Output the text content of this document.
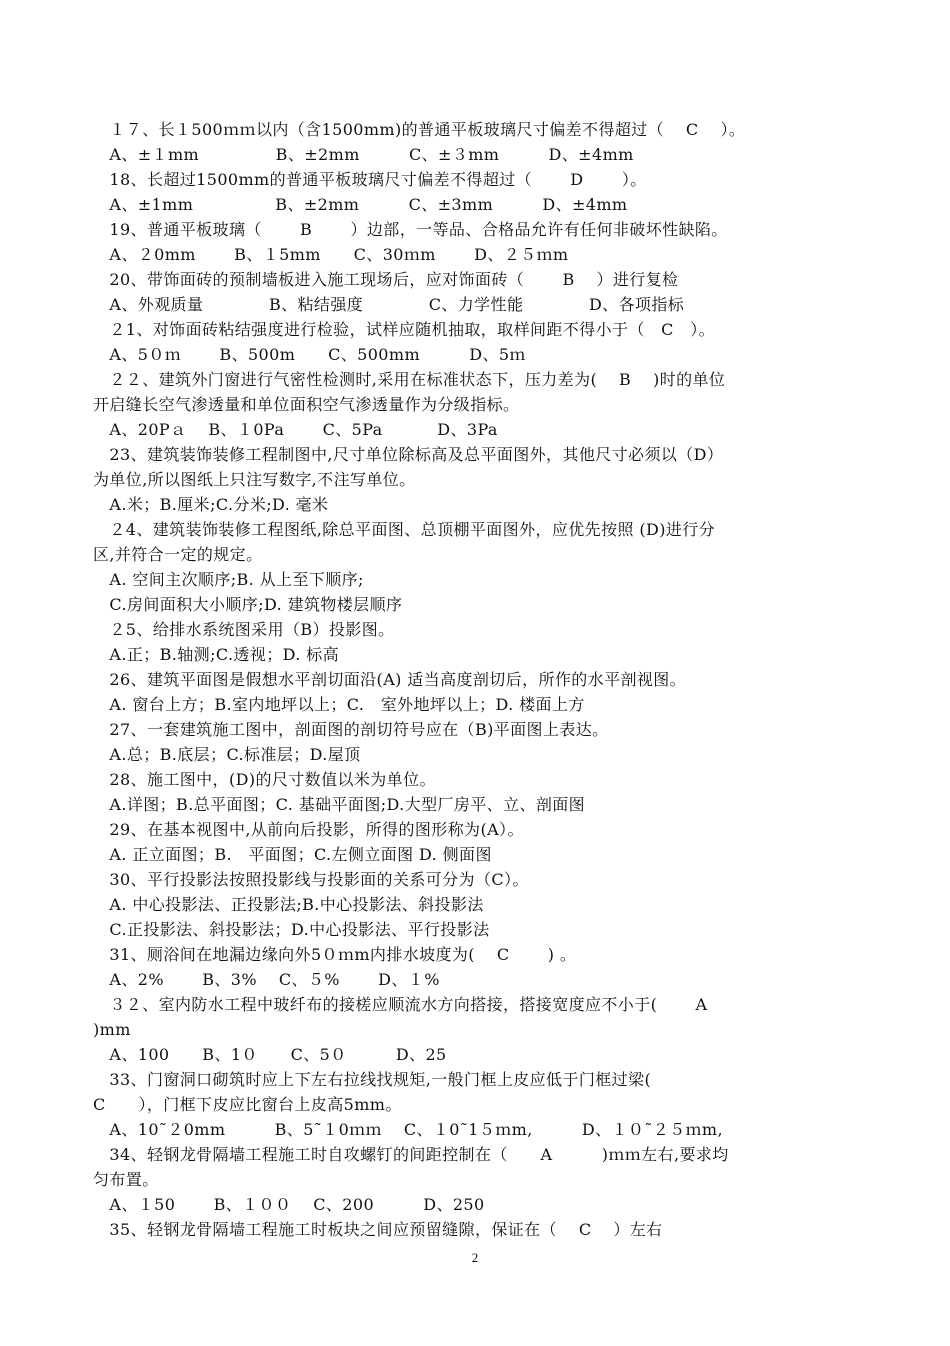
　１７、长１500ｍｍ以内（含1500mm)的普通平板玻璃尺寸偏差不得超过（　 C　 ）。
　A、±１mm 　　　　 B、±2mm　　　C、±３mm　　　D、±4mm
　18、长超过1500mm的普通平板玻璃尺寸偏差不得超过（　　 D　　 ）。
　A、±1mm　　　　　B、±2mm　　　C、±3mm　　　D、±4mm
　19、普通平板玻璃（　　 B　　 ）边部，一等品、合格品允许有任何非破坏性缺陷。
　A、２0mm　　 B、１5mm　　C、30ｍm　　 D、２５ｍm
　20、带饰面砖的预制墙板进入施工现场后，应对饰面砖（　　 B　 ）进行复检
　A、外观质量　　　　B、粘结强度　　　　C、力学性能　　　　D、各项指标
　２1、对饰面砖粘结强度进行检验，试样应随机抽取，取样间距不得小于（　C　）。
　A、5０ｍ　　 B、500m　　C、500mm　　　D、5ｍ
　２２、建筑外门窗进行气密性检测时,采用在标准状态下，压力差为(　 B　 )时的单位
开启缝长空气渗透量和单位面积空气渗透量作为分级指标。
　A、20Pａ　 B、１0Pa　　 C、5Pa　　　 D、3Pa
　23、建筑装饰装修工程制图中,尺寸单位除标高及总平面图外，其他尺寸必须以（D）
为单位,所以图纸上只注写数字,不注写单位。
　A.米；B.厘米;C.分米;D. 毫米
　２4、建筑装饰装修工程图纸,除总平面图、总顶棚平面图外，应优先按照 (D)进行分
区,并符合一定的规定。
　A. 空间主次顺序;B. 从上至下顺序;
　C.房间面积大小顺序;D. 建筑物楼层顺序
　２5、给排水系统图采用（B）投影图。
　A.正；B.轴测;C.透视；D. 标高
　26、建筑平面图是假想水平剖切面沿(A) 适当高度剖切后，所作的水平剖视图。
　A. 窗台上方；B.室内地坪以上；C.　室外地坪以上；D. 楼面上方
　27、一套建筑施工图中，剖面图的剖切符号应在（B)平面图上表达。
　A.总；B.底层；C.标准层；D.屋顶
　28、施工图中，(D)的尺寸数值以米为单位。
　A.详图；B.总平面图；C. 基础平面图;D.大型厂房平、立、剖面图
　29、在基本视图中,从前向后投影，所得的图形称为(A）。
　A. 正立面图；B.　平面图；C.左侧立面图 D. 侧面图
　30、平行投影法按照投影线与投影面的关系可分为（C）。
　A. 中心投影法、正投影法;B.中心投影法、斜投影法
　C.正投影法、斜投影法；D.中心投影法、平行投影法
　31、厕浴间在地漏边缘向外5０ｍm内排水坡度为(　 C　　 ) 。
　A、2%　　 B、3%　 C、５%　　 D、１%
　３２、室内防水工程中玻纤布的接槎应顺流水方向搭接，搭接宽度应不小于(　　 A
)mm
　A、100　　B、1０　　C、5０　　　D、25
　33、门窗洞口砌筑时应上下左右拉线找规矩,一般门框上皮应低于门框过梁(
C　　），门框下皮应比窗台上皮高5mm。
　A、10˜２0mm　　　B、5˜１0ｍｍ　 C、１0˜1５ｍm,　　　D、１０˜２５ｍm,
　34、轻钢龙骨隔墙工程施工时自攻螺钉的间距控制在（　　A　　　)ｍｍ左右,要求均
匀布置。
　A、１50　　 B、１００　 C、200　　　D、250
　35、轻钢龙骨隔墙工程施工时板块之间应预留缝隙，保证在（　 C　 ）左右
2
